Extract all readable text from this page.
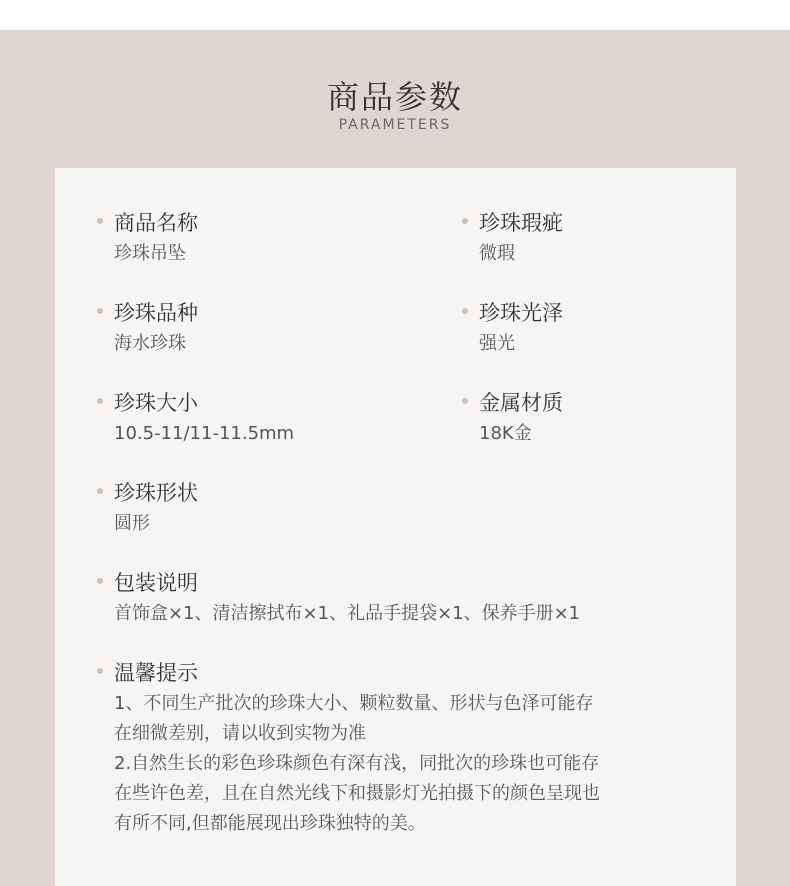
商品参数
PARAMETERS
商品名称
珍珠吊坠
珍珠瑕疵
微瑕
珍珠品种
海水珍珠
珍珠光泽
强光
珍珠大小
10.5-11/11-11.5mm
金属材质
18K金
珍珠形状
圆形
包装说明
首饰盒×1、清洁擦拭布×1、礼品手提袋×1、保养手册×1
温馨提示
1、不同生产批次的珍珠大小、颗粒数量、形状与色泽可能存
在细微差别，请以收到实物为准
2.自然生长的彩色珍珠颜色有深有浅，同批次的珍珠也可能存
在些许色差，且在自然光线下和摄影灯光拍摄下的颜色呈现也
有所不同,但都能展现出珍珠独特的美。
